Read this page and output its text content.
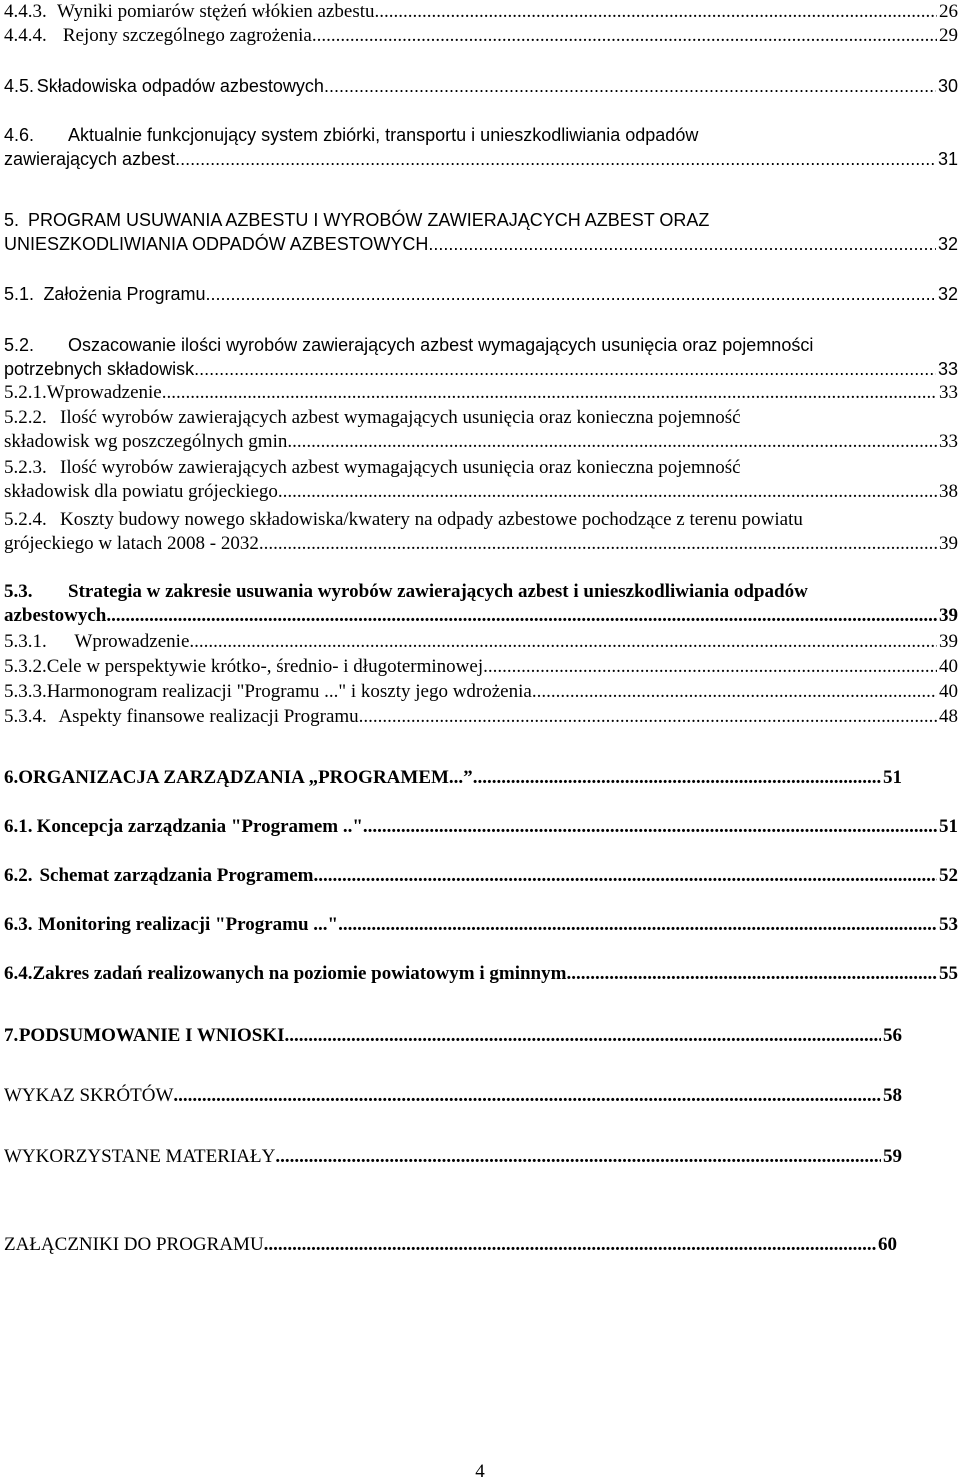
4.4.3. Wyniki pomiarów stężeń włókien azbestu .....	26
4.4.4. Rejony szczególnego zagrożenia .....	29
4.5. Składowiska odpadów azbestowych. .....	30
4.6.	Aktualnie funkcjonujący system zbiórki, transportu i unieszkodliwiania odpadów
zawierających azbest. .....	31
5. PROGRAM USUWANIA AZBESTU I WYROBÓW ZAWIERAJĄCYCH AZBEST ORAZ
UNIESZKODLIWIANIA ODPADÓW AZBESTOWYCH .....	32
5.1. Założenia Programu .....	32
5.2.	Oszacowanie ilości wyrobów zawierających azbest wymagających usunięcia oraz pojemności
potrzebnych składowisk .....	33
5.2.1. Wprowadzenie .....	33
5.2.2. Ilość wyrobów zawierających azbest wymagających usunięcia oraz konieczna pojemność
składowisk wg poszczególnych gmin .....	33
5.2.3. Ilość wyrobów zawierających azbest wymagających usunięcia oraz konieczna pojemność
składowisk dla powiatu grójeckiego .....	38
5.2.4. Koszty budowy nowego składowiska/kwatery na odpady azbestowe pochodzące z terenu powiatu
grójeckiego w latach 2008 - 2032 .....	39
5.3.	Strategia w zakresie usuwania wyrobów zawierających azbest i unieszkodliwiania odpadów
azbestowych .....	39
5.3.1.	Wprowadzenie .....	39
5.3.2. Cele w perspektywie krótko-, średnio- i długoterminowej .....	40
5.3.3. Harmonogram realizacji "Programu ..." i koszty jego wdrożenia .....	40
5.3.4. Aspekty finansowe realizacji Programu .....	48
6. ORGANIZACJA ZARZĄDZANIA „PROGRAMEM...” .....	51
6.1. Koncepcja zarządzania "Programem .." .....	51
6.2. Schemat zarządzania Programem .....	52
6.3. Monitoring realizacji "Programu ..." .....	53
6.4. Zakres zadań realizowanych na poziomie powiatowym i gminnym .....	55
7. PODSUMOWANIE I WNIOSKI .....	56
WYKAZ SKRÓTÓW .....	58
WYKORZYSTANE MATERIAŁY .....	59
ZAŁĄCZNIKI DO PROGRAMU .....	60
4
